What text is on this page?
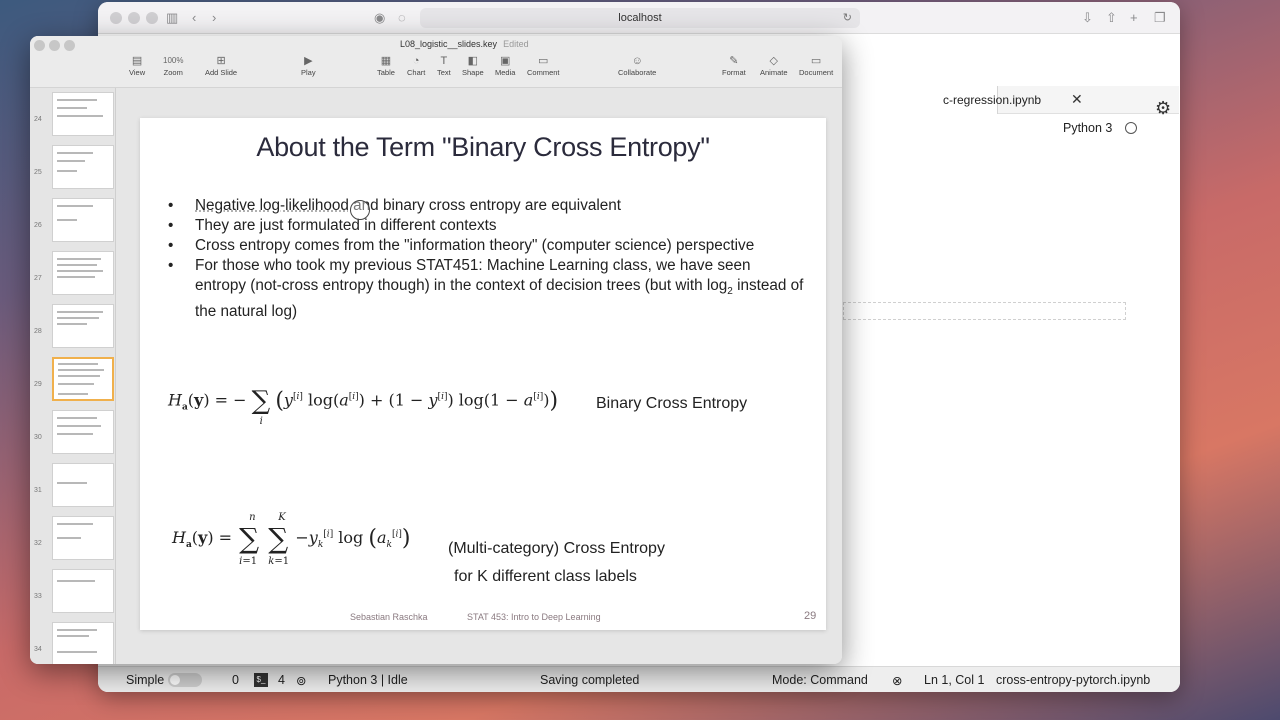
▥ ‹ ›	◉ ◌	localhost	↻	⇩ ⇧ + ❐
c-regression.ipynb ✕	⚙
Python 3
Simple	0	$_ 4 ⊚ Python 3 | Idle	Saving completed	Mode: Command ⊗ Ln 1, Col 1 cross-entropy-pytorch.ipynb
L08_logistic__slides.key Edited
▤
View
100%
Zoom
⊞
Add Slide
▶
Play
▦
Table
◔
Chart
T
Text
◧
Shape
▣
Media
▭
Comment
☺
Collaborate
✎
Format
◇
Animate
▭
Document
24
25
26
27
28
29
30
31
32
33
34
About the Term "Binary Cross Entropy"
• Negative log-likelihood and binary cross entropy are equivalent
• They are just formulated in different contexts
• Cross entropy comes from the "information theory" (computer science) perspective
• For those who took my previous STAT451: Machine Learning class, we have seen entropy (not-cross entropy though) in the context of decision trees (but with $\log_2$ instead of the natural log)
$H_a(y)$ = − ∑
i
(y[i] log(a[i]) + (1 − y[i]) log(1 − a[i])) Binary Cross Entropy
$H_a(y)$ = ∑
n
i=1
∑
K
k=1
$-y_k[i]$ $\log (a_k[i])$ (Multi-category) Cross Entropy
for K different class labels
Sebastian Raschka	STAT 453: Intro to Deep Learning	29
